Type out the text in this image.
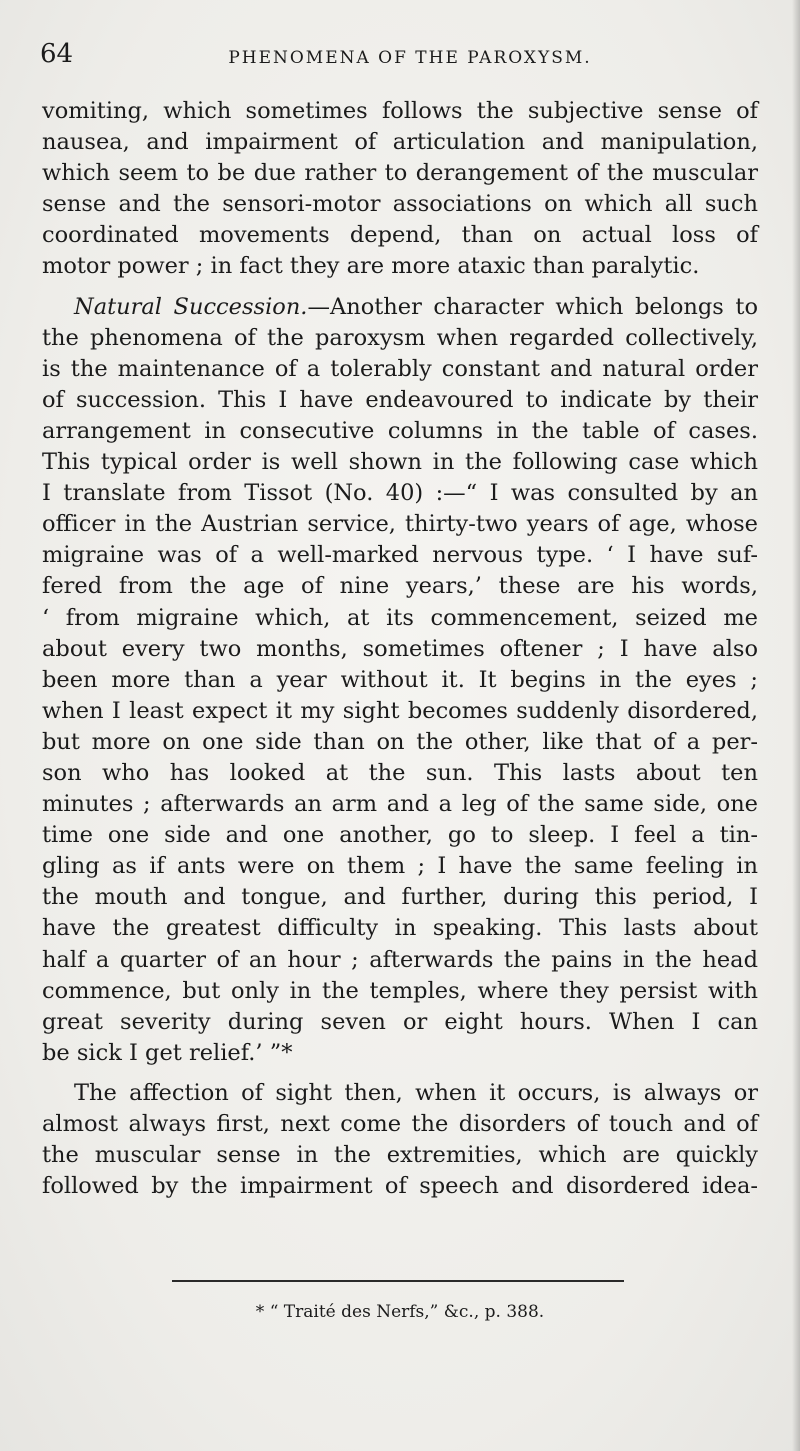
64	PHENOMENA OF THE PAROXYSM.
vomiting, which sometimes follows the subjective sense of
nausea, and impairment of articulation and manipulation,
which seem to be due rather to derangement of the muscular
sense and the sensori-motor associations on which all such
coordinated movements depend, than on actual loss of
motor power ; in fact they are more ataxic than paralytic.
Natural Succession.—Another character which belongs to
the phenomena of the paroxysm when regarded collectively,
is the maintenance of a tolerably constant and natural order
of succession. This I have endeavoured to indicate by their
arrangement in consecutive columns in the table of cases.
This typical order is well shown in the following case which
I translate from Tissot (No. 40) :—“ I was consulted by an
officer in the Austrian service, thirty-two years of age, whose
migraine was of a well-marked nervous type. ‘ I have suf-
fered from the age of nine years,’ these are his words,
‘ from migraine which, at its commencement, seized me
about every two months, sometimes oftener ; I have also
been more than a year without it. It begins in the eyes ;
when I least expect it my sight becomes suddenly disordered,
but more on one side than on the other, like that of a per-
son who has looked at the sun. This lasts about ten
minutes ; afterwards an arm and a leg of the same side, one
time one side and one another, go to sleep. I feel a tin-
gling as if ants were on them ; I have the same feeling in
the mouth and tongue, and further, during this period, I
have the greatest difficulty in speaking. This lasts about
half a quarter of an hour ; afterwards the pains in the head
commence, but only in the temples, where they persist with
great severity during seven or eight hours. When I can
be sick I get relief.’ ”*
The affection of sight then, when it occurs, is always or
almost always first, next come the disorders of touch and of
the muscular sense in the extremities, which are quickly
followed by the impairment of speech and disordered idea-
* “ Traité des Nerfs,” &c., p. 388.
